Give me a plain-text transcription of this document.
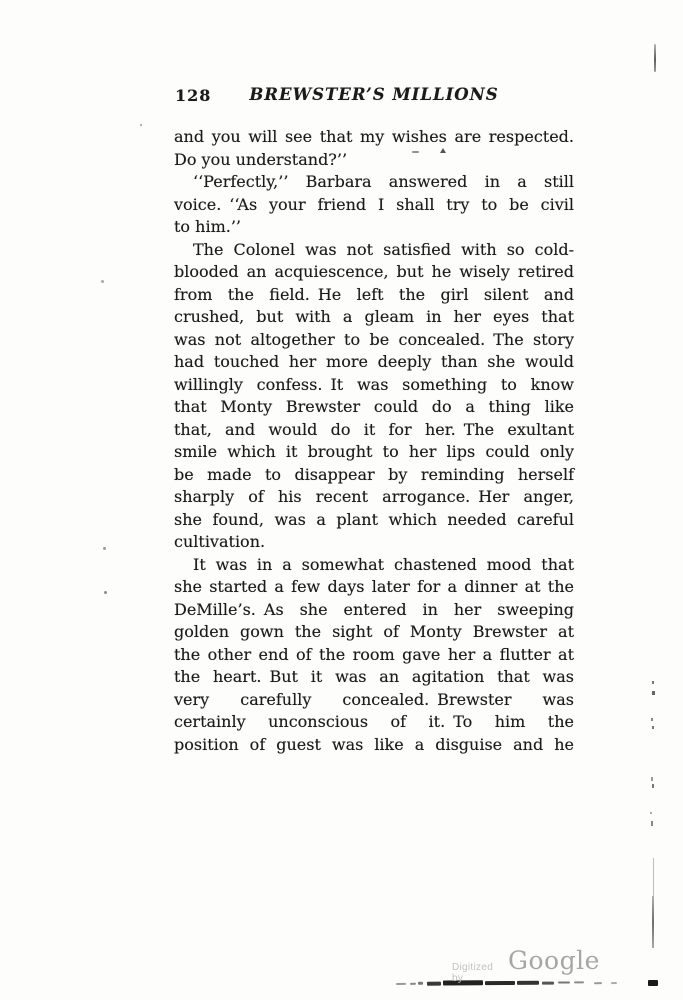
128	BREWSTER’S MILLIONS
and you will see that my wishes are respected.
Do you understand?’’
‘‘Perfectly,’’ Barbara answered in a still
voice. ‘‘As your friend I shall try to be civil
to him.’’
The Colonel was not satisfied with so cold-
blooded an acquiescence, but he wisely retired
from the field. He left the girl silent and
crushed, but with a gleam in her eyes that
was not altogether to be concealed. The story
had touched her more deeply than she would
willingly confess. It was something to know
that Monty Brewster could do a thing like
that, and would do it for her. The exultant
smile which it brought to her lips could only
be made to disappear by reminding herself
sharply of his recent arrogance. Her anger,
she found, was a plant which needed careful
cultivation.
It was in a somewhat chastened mood that
she started a few days later for a dinner at the
DeMille’s. As she entered in her sweeping
golden gown the sight of Monty Brewster at
the other end of the room gave her a flutter at
the heart. But it was an agitation that was
very carefully concealed. Brewster was
certainly unconscious of it. To him the
position of guest was like a disguise and he
Digitized by
Google
